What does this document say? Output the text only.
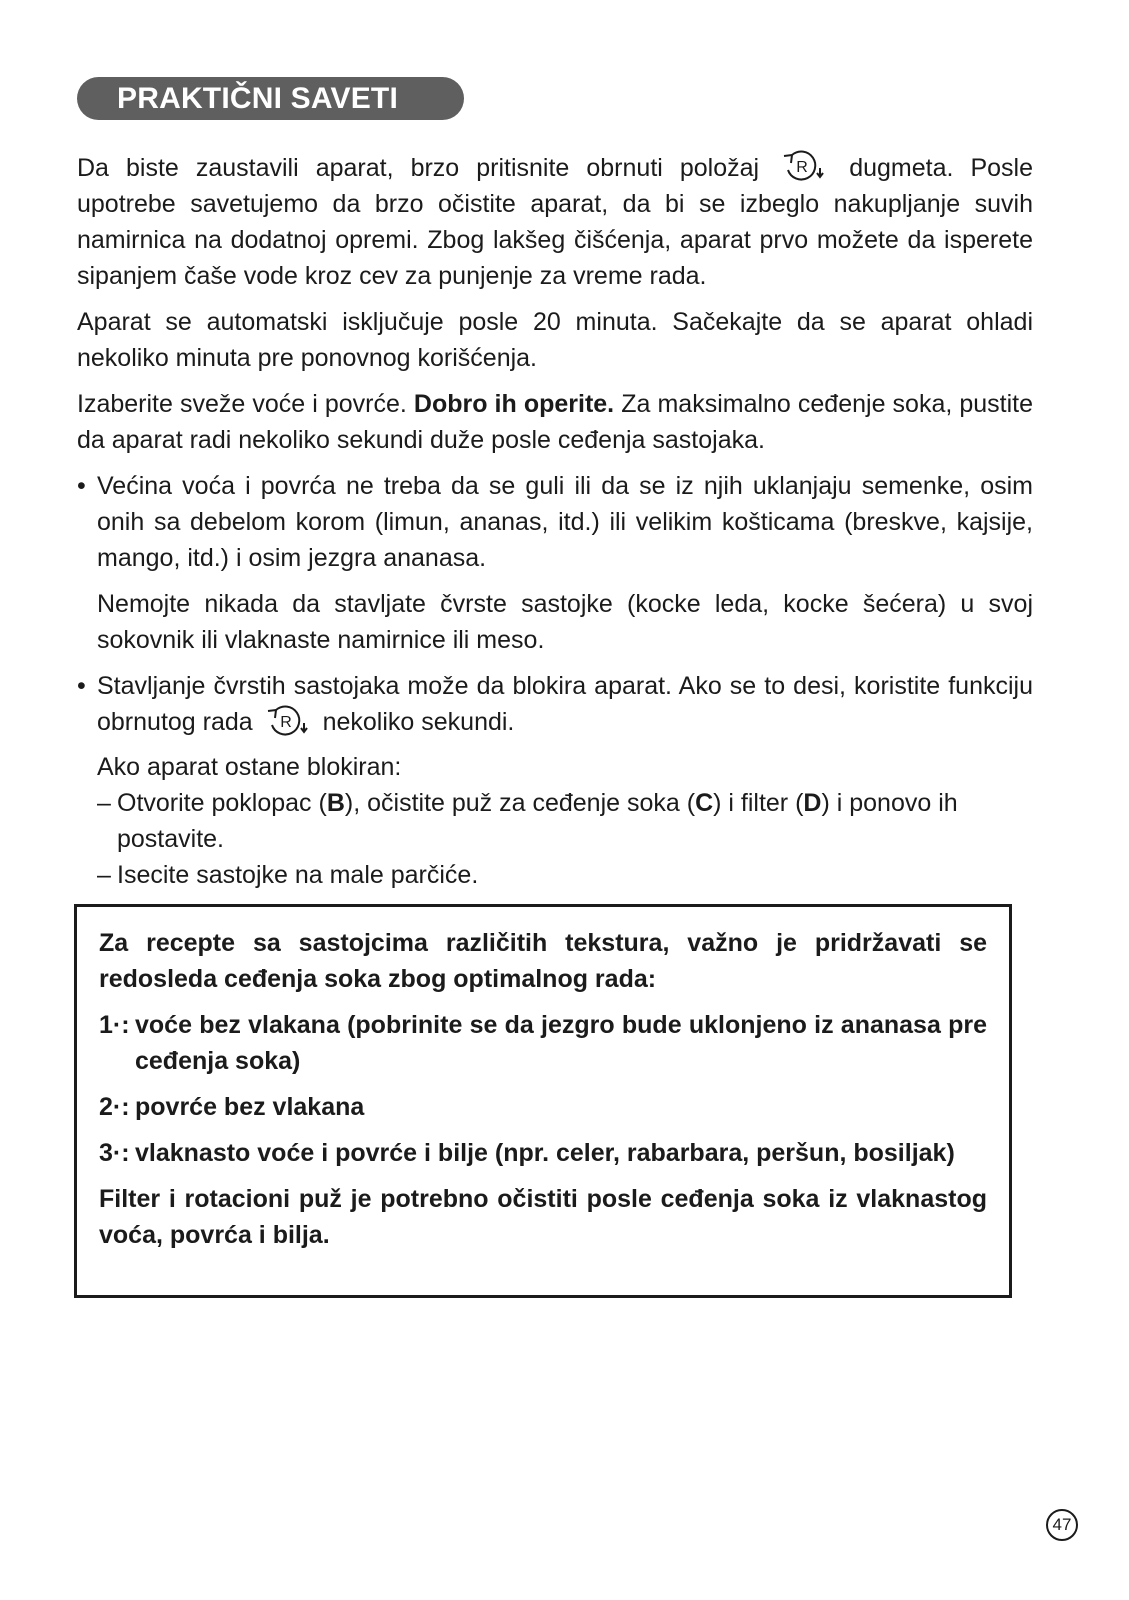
PRAKTIČNI SAVETI

Da biste zaustavili aparat, brzo pritisnite obrnuti položaj R dugmeta. Posle upotrebe savetujemo da brzo očistite aparat, da bi se izbeglo nakupljanje suvih namirnica na dodatnoj opremi. Zbog lakšeg čišćenja, aparat prvo možete da isperete sipanjem čaše vode kroz cev za punjenje za vreme rada.

Aparat se automatski isključuje posle 20 minuta. Sačekajte da se aparat ohladi nekoliko minuta pre ponovnog korišćenja.

Izaberite sveže voće i povrće. Dobro ih operite. Za maksimalno ceđenje soka, pustite da aparat radi nekoliko sekundi duže posle ceđenja sastojaka.

• Većina voća i povrća ne treba da se guli ili da se iz njih uklanjaju semenke, osim onih sa debelom korom (limun, ananas, itd.) ili velikim košticama (breskve, kajsije, mango, itd.) i osim jezgra ananasa.
Nemojte nikada da stavljate čvrste sastojke (kocke leda, kocke šećera) u svoj sokovnik ili vlaknaste namirnice ili meso.
• Stavljanje čvrstih sastojaka može da blokira aparat. Ako se to desi, koristite funkciju obrnutog rada R nekoliko sekundi.
Ako aparat ostane blokiran:
– Otvorite poklopac (B), očistite puž za ceđenje soka (C) i filter (D) i ponovo ih postavite.
– Isecite sastojke na male parčiće.

Za recepte sa sastojcima različitih tekstura, važno je pridržavati se redosleda ceđenja soka zbog optimalnog rada:

1·: voće bez vlakana (pobrinite se da jezgro bude uklonjeno iz ananasa pre ceđenja soka)
2·: povrće bez vlakana
3·: vlaknasto voće i povrće i bilje (npr. celer, rabarbara, peršun, bosiljak)

Filter i rotacioni puž je potrebno očistiti posle ceđenja soka iz vlaknastog voća, povrća i bilja.

47
